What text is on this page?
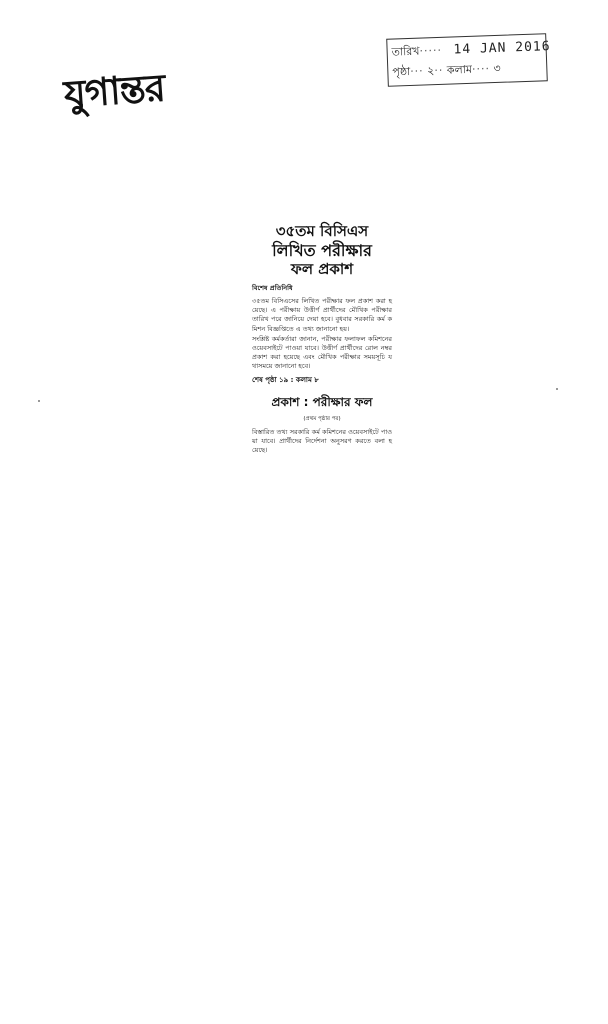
যুগান্তর
তারিখ····· 14 JAN 2016
পৃষ্ঠা··· ২·· কলাম···· ৩
৩৫তম বিসিএস
লিখিত পরীক্ষার
ফল প্রকাশ
বিশেষ প্রতিনিধি

৩৫তম বিসিএসের লিখিত পরীক্ষার ফল প্রকাশ করা হয়েছে। এ পরীক্ষায় উত্তীর্ণ প্রার্থীদের মৌখিক পরীক্ষার তারিখ পরে জানিয়ে দেয়া হবে। বুধবার সরকারি কর্ম কমিশন বিজ্ঞপ্তিতে এ তথ্য জানানো হয়।

সংশ্লিষ্ট কর্মকর্তারা জানান, পরীক্ষার ফলাফল কমিশনের ওয়েবসাইটে পাওয়া যাবে। উত্তীর্ণ প্রার্থীদের রোল নম্বর প্রকাশ করা হয়েছে এবং মৌখিক পরীক্ষার সময়সূচি যথাসময়ে জানানো হবে।

শেষ পৃষ্ঠা ১৯ : কলাম ৮
প্রকাশ : পরীক্ষার ফল
(প্রথম পৃষ্ঠার পর)

বিস্তারিত তথ্য সরকারি কর্ম কমিশনের ওয়েবসাইটে পাওয়া যাবে। প্রার্থীদের নির্দেশনা অনুসরণ করতে বলা হয়েছে।
